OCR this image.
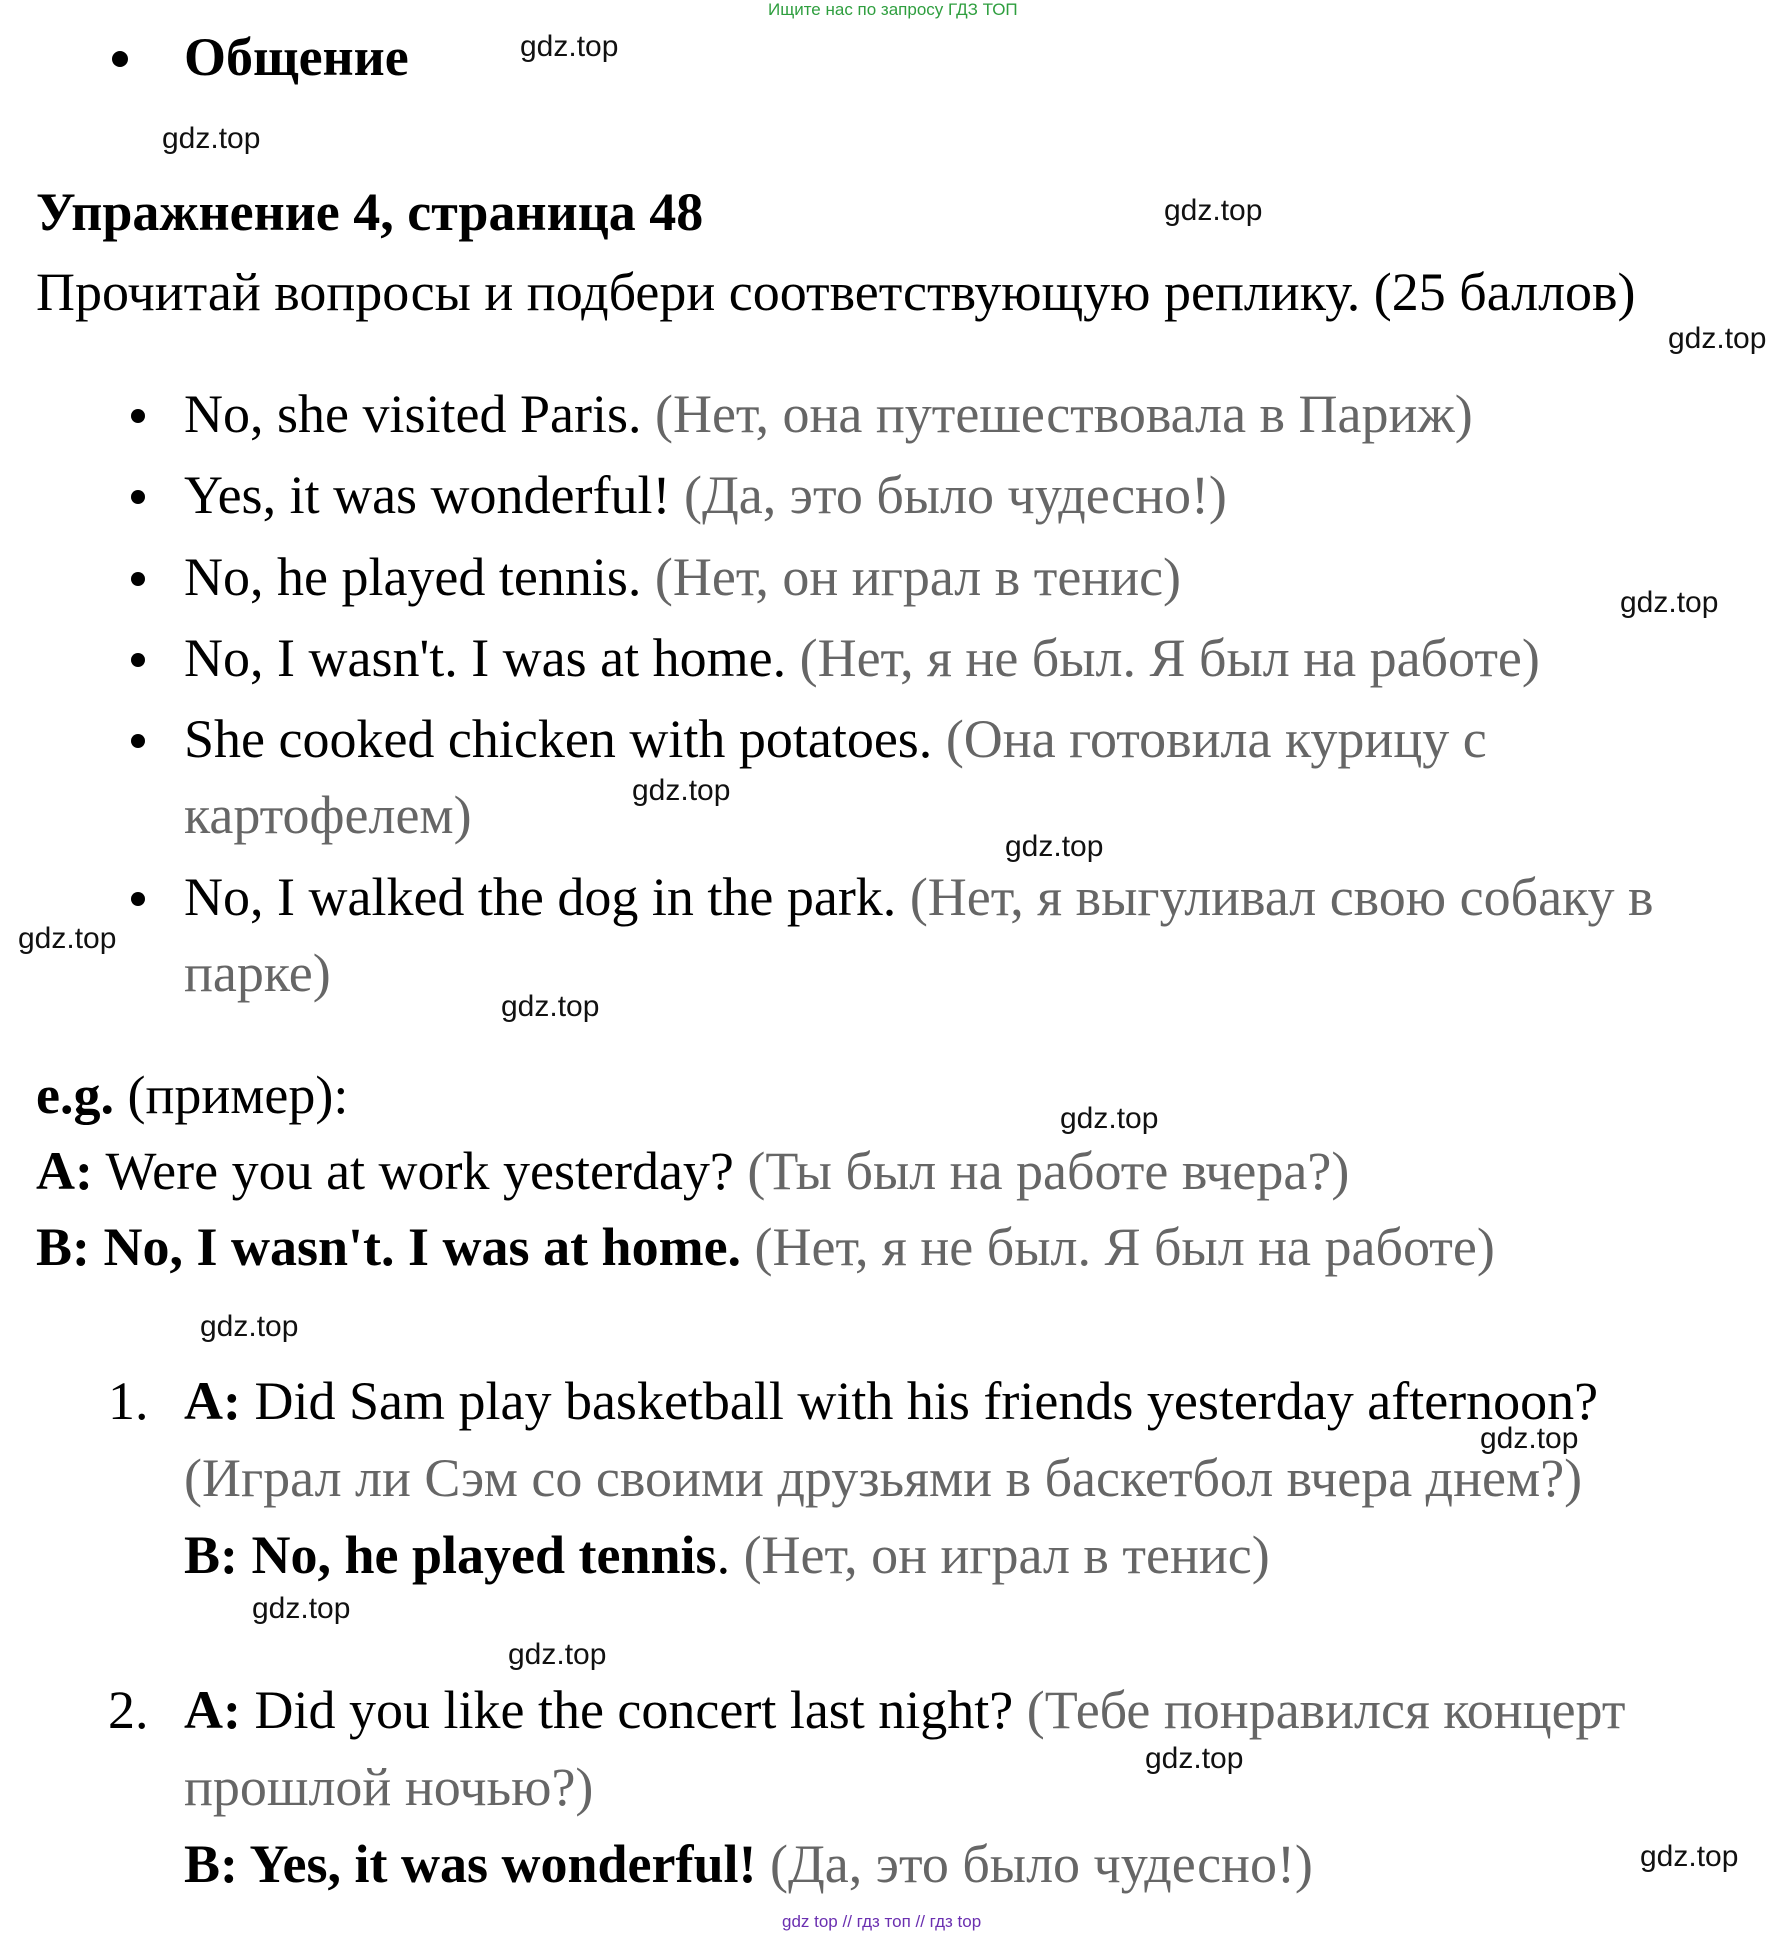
Ищите нас по запросу ГДЗ ТОП
Общение
Упражнение 4, страница 48
Прочитай вопросы и подбери соответствующую реплику. (25 баллов)
No, she visited Paris. (Нет, она путешествовала в Париж)
Yes, it was wonderful! (Да, это было чудесно!)
No, he played tennis. (Нет, он играл в тенис)
No, I wasn't. I was at home. (Нет, я не был. Я был на работе)
She cooked chicken with potatoes. (Она готовила курицу с
картофелем)
No, I walked the dog in the park. (Нет, я выгуливал свою собаку в
парке)
e.g. (пример):
A: Were you at work yesterday? (Ты был на работе вчера?)
B: No, I wasn't. I was at home. (Нет, я не был. Я был на работе)
1. A: Did Sam play basketball with his friends yesterday afternoon?
(Играл ли Сэм со своими друзьями в баскетбол вчера днем?)
B: No, he played tennis. (Нет, он играл в тенис)
2. A: Did you like the concert last night? (Тебе понравился концерт
прошлой ночью?)
B: Yes, it was wonderful! (Да, это было чудесно!)
gdz.top
gdz.top
gdz.top
gdz.top
gdz.top
gdz.top
gdz.top
gdz.top
gdz.top
gdz.top
gdz.top
gdz.top
gdz.top
gdz.top
gdz.top
gdz.top
gdz top // гдз топ // гдз top
